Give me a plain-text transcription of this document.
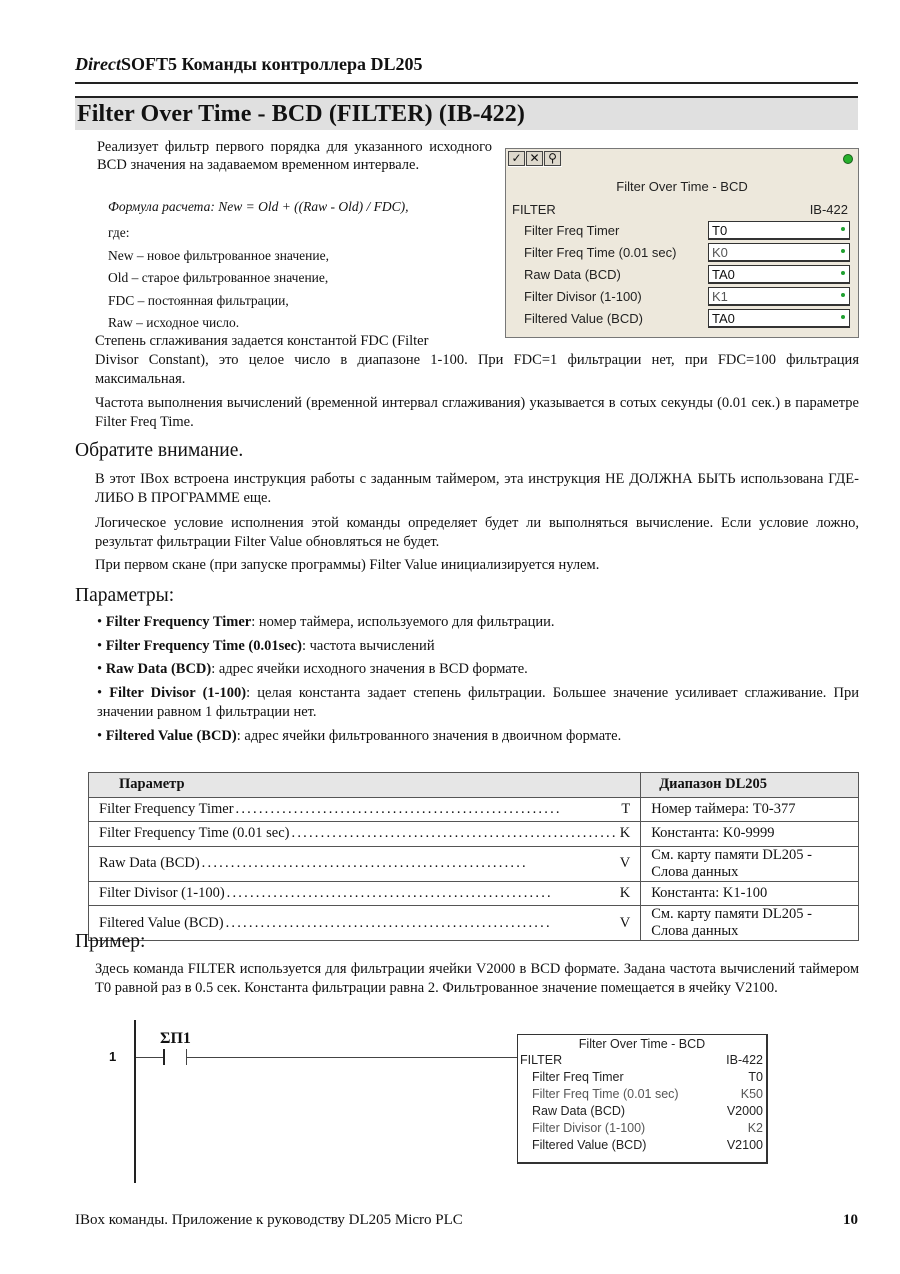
DirectSOFT5 Команды контроллера DL205
Filter Over Time - BCD (FILTER) (IB-422)
Реализует фильтр первого порядка для указанного исходного BCD значения на задаваемом временном интервале.
Формула расчета: New = Old + ((Raw - Old) / FDC),
где:
New – новое фильтрованное значение,
Old – старое фильтрованное значение,
FDC – постоянная фильтрации,
Raw – исходное число.
✓ ✕ ⚲
Filter Over Time - BCD
FILTER	IB-422
Filter Freq Timer	T0
Filter Freq Time (0.01 sec)	K0
Raw Data (BCD)	TA0
Filter Divisor (1-100)	K1
Filtered Value (BCD)	TA0
Степень сглаживания задается константой FDC (Filter
Divisor Constant), это целое число в диапазоне 1-100. При FDC=1 фильтрации нет, при FDC=100 фильтрация максимальная.
Частота выполнения вычислений (временной интервал сглаживания) указывается в сотых секунды (0.01 сек.) в параметре Filter Freq Time.
Обратите внимание.
В этот IBox встроена инструкция работы с заданным таймером, эта инструкция НЕ ДОЛЖНА БЫТЬ использована ГДЕ-ЛИБО В ПРОГРАММЕ еще.
Логическое условие исполнения этой команды определяет будет ли выполняться вычисление. Если условие ложно, результат фильтрации Filter Value обновляться не будет.
При первом скане (при запуске программы) Filter Value инициализируется нулем.
Параметры:
• Filter Frequency Timer: номер таймера, используемого для фильтрации.
• Filter Frequency Time (0.01sec): частота вычислений
• Raw Data (BCD): адрес ячейки исходного значения в BCD формате.
• Filter Divisor (1-100): целая константа задает степень фильтрации. Большее значение усиливает сглаживание. При значении равном 1 фильтрации нет.
• Filtered Value (BCD): адрес ячейки фильтрованного значения в двоичном формате.
Параметр	Диапазон DL205

Filter Frequency Timer ........................................................ T	Номер таймера: T0-377

Filter Frequency Time (0.01 sec) ........................................................ K	Константа: K0-9999

Raw Data (BCD) ........................................................ V	См. карту памяти DL205 - Слова данных

Filter Divisor (1-100) ........................................................ K	Константа: K1-100

Filtered Value (BCD) ........................................................ V	См. карту памяти DL205 - Слова данных
Пример:
Здесь команда FILTER используется для фильтрации ячейки V2000 в BCD формате. Задана частота вычислений таймером T0 равной раз в 0.5 сек. Константа фильтрации равна 2. Фильтрованное значение помещается в ячейку V2100.
1
ΣΠ1	Filter Over Time - BCD
FILTER	IB-422
Filter Freq Timer	T0
Filter Freq Time (0.01 sec)	K50
Raw Data (BCD)	V2000
Filter Divisor (1-100)	K2
Filtered Value (BCD)	V2100
IBox команды. Приложение к руководству DL205 Micro PLC	10
